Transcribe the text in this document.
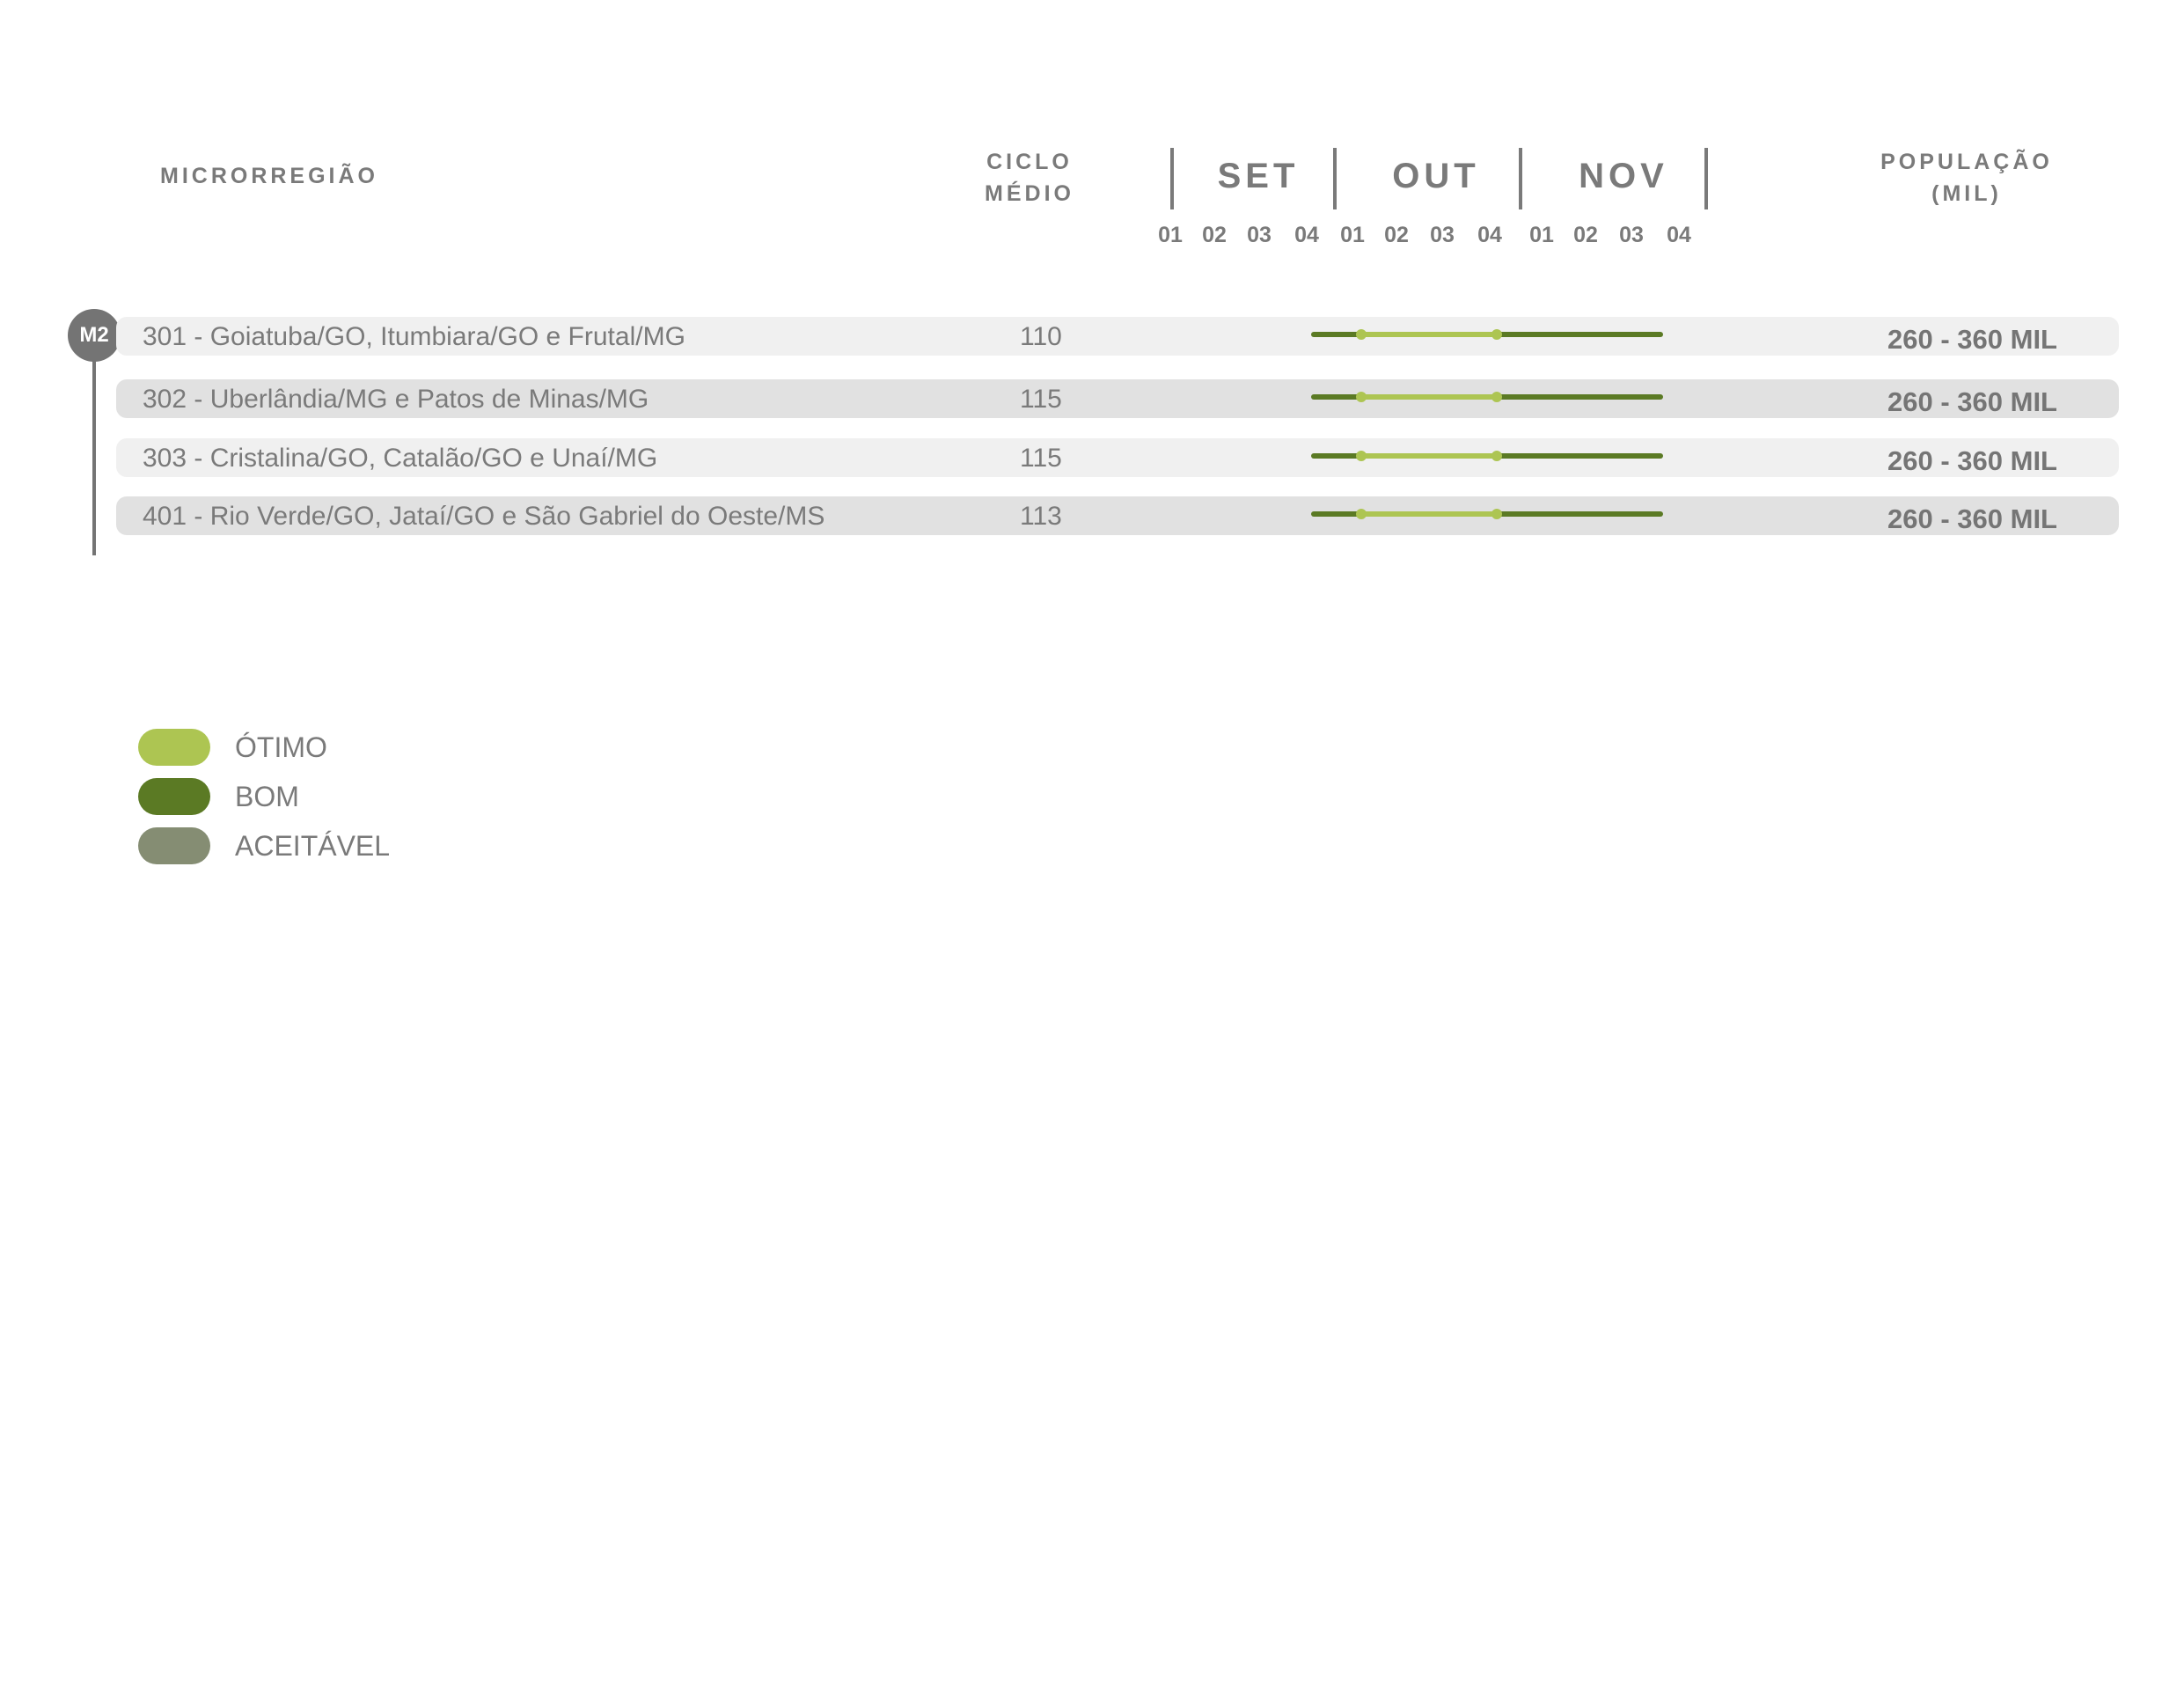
MICRORREGIÃO
CICLO
MÉDIO	SET	OUT	NOV
01 02 03	04 01 02 03	04	01 02 03	04
POPULAÇÃO
(MIL)
M2	301 - Goiatuba/GO, Itumbiara/GO e Frutal/MG	110	260 - 360 MIL
302 - Uberlândia/MG e Patos de Minas/MG	115	260 - 360 MIL
303 - Cristalina/GO, Catalão/GO e Unaí/MG	115	260 - 360 MIL
401 - Rio Verde/GO, Jataí/GO e São Gabriel do Oeste/MS	113	260 - 360 MIL
ÓTIMO
BOM
ACEITÁVEL
